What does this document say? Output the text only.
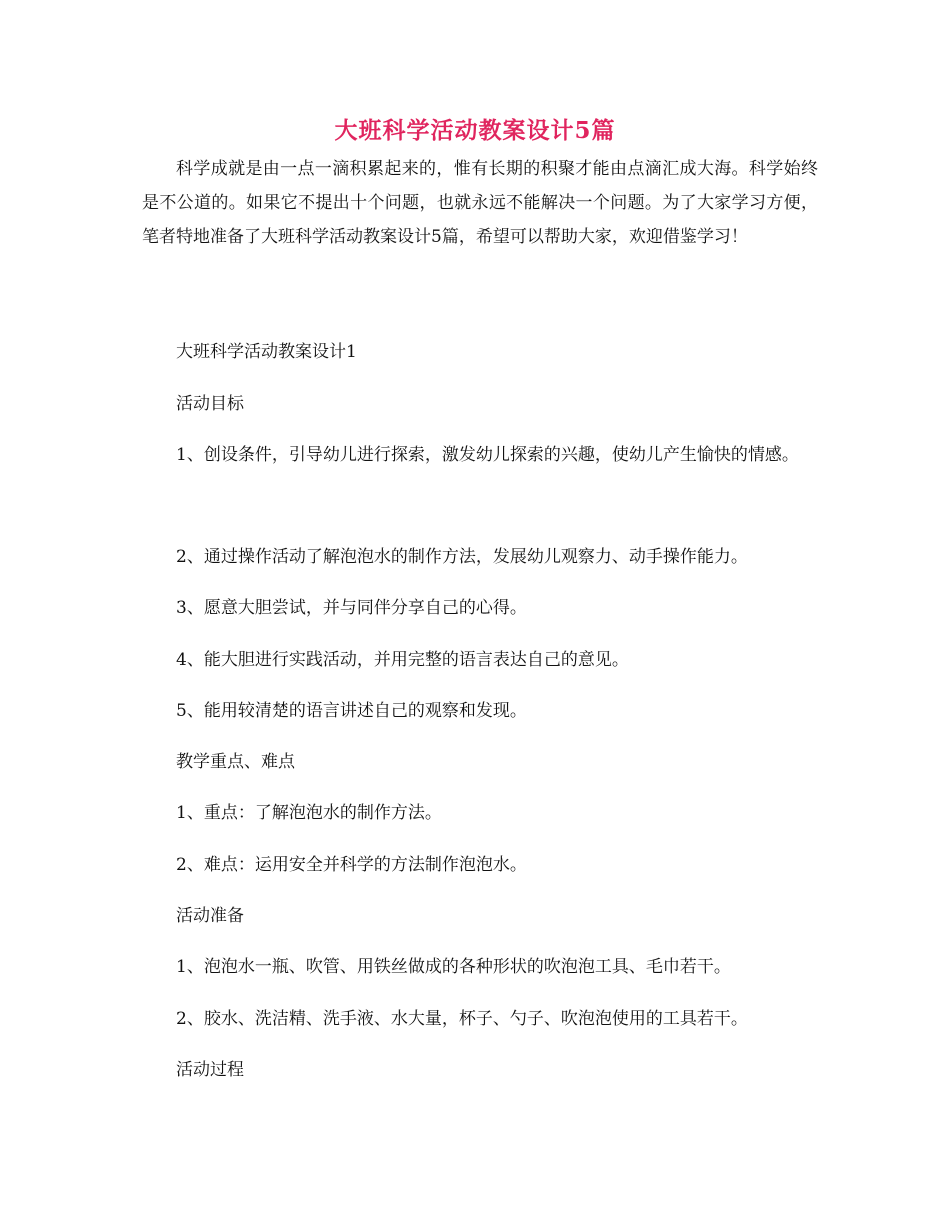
大班科学活动教案设计5篇

科学成就是由一点一滴积累起来的，惟有长期的积聚才能由点滴汇成大海。科学始终是不公道的。如果它不提出十个问题，也就永远不能解决一个问题。为了大家学习方便，笔者特地准备了大班科学活动教案设计5篇，希望可以帮助大家，欢迎借鉴学习！

大班科学活动教案设计1

活动目标

1、创设条件，引导幼儿进行探索，激发幼儿探索的兴趣，使幼儿产生愉快的情感。

2、通过操作活动了解泡泡水的制作方法，发展幼儿观察力、动手操作能力。

3、愿意大胆尝试，并与同伴分享自己的心得。

4、能大胆进行实践活动，并用完整的语言表达自己的意见。

5、能用较清楚的语言讲述自己的观察和发现。

教学重点、难点

1、重点：了解泡泡水的制作方法。

2、难点：运用安全并科学的方法制作泡泡水。

活动准备

1、泡泡水一瓶、吹管、用铁丝做成的各种形状的吹泡泡工具、毛巾若干。

2、胶水、洗洁精、洗手液、水大量，杯子、勺子、吹泡泡使用的工具若干。

活动过程
